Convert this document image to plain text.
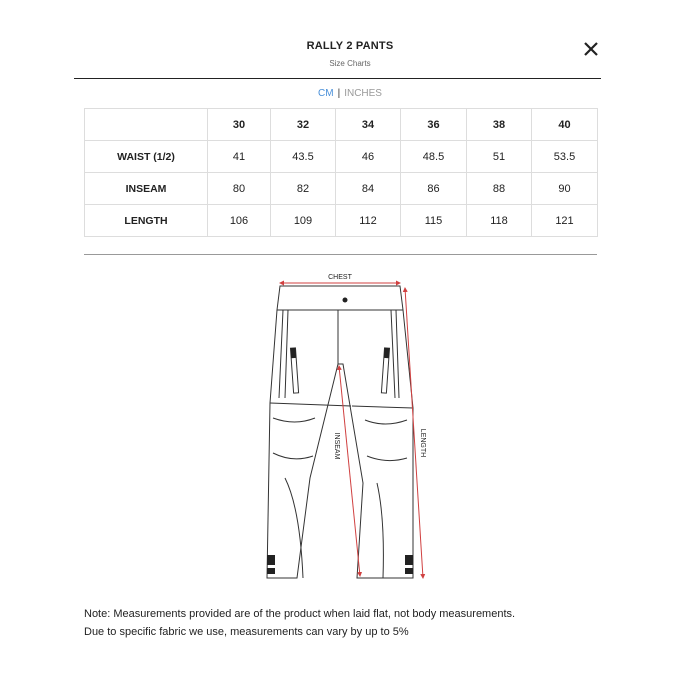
RALLY 2 PANTS
Size Charts
CM | INCHES
	30	32	34	36	38	40
WAIST (1/2)	41	43.5	46	48.5	51	53.5
INSEAM	80	82	84	86	88	90
LENGTH	106	109	112	115	118	121
CHEST
INSEAM	LENGTH
Note: Measurements provided are of the product when laid flat, not body measurements.
Due to specific fabric we use, measurements can vary by up to 5%
